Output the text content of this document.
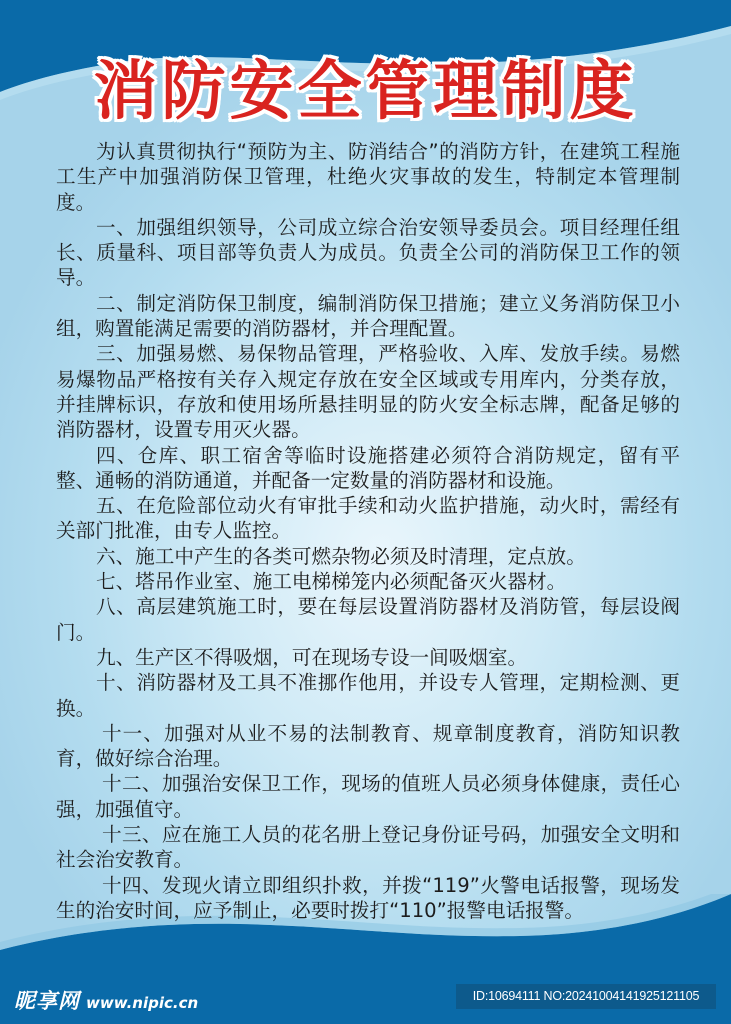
消防安全管理制度

为认真贯彻执行“预防为主、防消结合”的消防方针，在建筑工程施工生产中加强消防保卫管理，杜绝火灾事故的发生，特制定本管理制度。

一、加强组织领导，公司成立综合治安领导委员会。项目经理任组长、质量科、项目部等负责人为成员。负责全公司的消防保卫工作的领导。

二、制定消防保卫制度，编制消防保卫措施；建立义务消防保卫小组，购置能满足需要的消防器材，并合理配置。

三、加强易燃、易保物品管理，严格验收、入库、发放手续。易燃易爆物品严格按有关存入规定存放在安全区域或专用库内，分类存放，并挂牌标识，存放和使用场所悬挂明显的防火安全标志牌，配备足够的消防器材，设置专用灭火器。

四、仓库、职工宿舍等临时设施搭建必须符合消防规定，留有平整、通畅的消防通道，并配备一定数量的消防器材和设施。

五、在危险部位动火有审批手续和动火监护措施，动火时，需经有关部门批准，由专人监控。

六、施工中产生的各类可燃杂物必须及时清理，定点放。

七、塔吊作业室、施工电梯梯笼内必须配备灭火器材。

八、高层建筑施工时，要在每层设置消防器材及消防管，每层设阀门。

九、生产区不得吸烟，可在现场专设一间吸烟室。

十、消防器材及工具不准挪作他用，并设专人管理，定期检测、更换。

十一、加强对从业不易的法制教育、规章制度教育，消防知识教育，做好综合治理。

十二、加强治安保卫工作，现场的值班人员必须身体健康，责任心强，加强值守。

十三、应在施工人员的花名册上登记身份证号码，加强安全文明和社会治安教育。

十四、发现火请立即组织扑救，并拨“119”火警电话报警，现场发生的治安时间，应予制止，必要时拨打“110”报警电话报警。

昵享网 www.nipic.cn	ID:10694111 NO:20241004141925121105
